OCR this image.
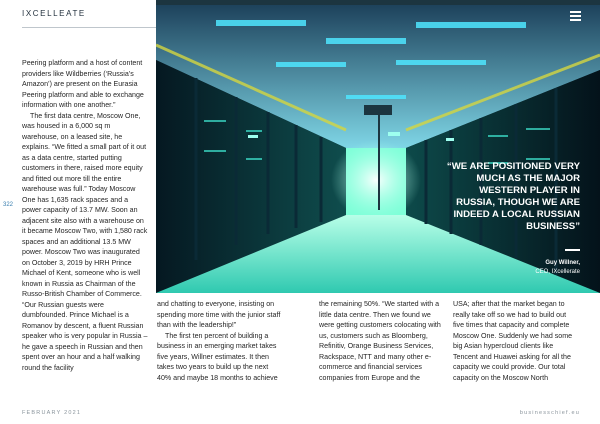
IXCELLEATE
322

Peering platform and a host of content providers like Wildberries (‘Russia’s Amazon’) are present on the Eurasia Peering platform and able to exchange information with one another.”

The first data centre, Moscow One, was housed in a 6,000 sq m warehouse, on a leased site, he explains. “We fitted a small part of it out as a data centre, started putting customers in there, raised more equity and fitted out more till the entire warehouse was full.” Today Moscow One has 1,635 rack spaces and a power capacity of 13.7 MW. Soon an adjacent site also with a warehouse on it became Moscow Two, with 1,580 rack spaces and an additional 13.5 MW power. Moscow Two was inaugurated on October 3, 2019 by HRH Prince Michael of Kent, someone who is well known in Russia as Chairman of the Russo-British Chamber of Commerce. “Our Russian guests were dumbfounded. Prince Michael is a Romanov by descent, a fluent Russian speaker who is very popular in Russia – he gave a speech in Russian and then spent over an hour and a half walking round the facility

and chatting to everyone, insisting on spending more time with the junior staff than with the leadership!”

The first ten percent of building a business in an emerging market takes five years, Willner estimates. It then takes two years to build up the next 40% and maybe 18 months to achieve

the remaining 50%. “We started with a little data centre. Then we found we were getting customers colocating with us, customers such as Bloomberg, Refinitiv, Orange Business Services, Rackspace, NTT and many other e-commerce and financial services companies from Europe and the

USA; after that the market began to really take off so we had to build out five times that capacity and complete Moscow One. Suddenly we had some big Asian hypercloud clients like Tencent and Huawei asking for all the capacity we could provide. Our total capacity on the Moscow North

“WE ARE POSITIONED VERY MUCH AS THE MAJOR WESTERN PLAYER IN RUSSIA, THOUGH WE ARE INDEED A LOCAL RUSSIAN BUSINESS”
Guy Willner,
CEO, IXcellerate
FEBRUARY 2021	businesschief.eu
